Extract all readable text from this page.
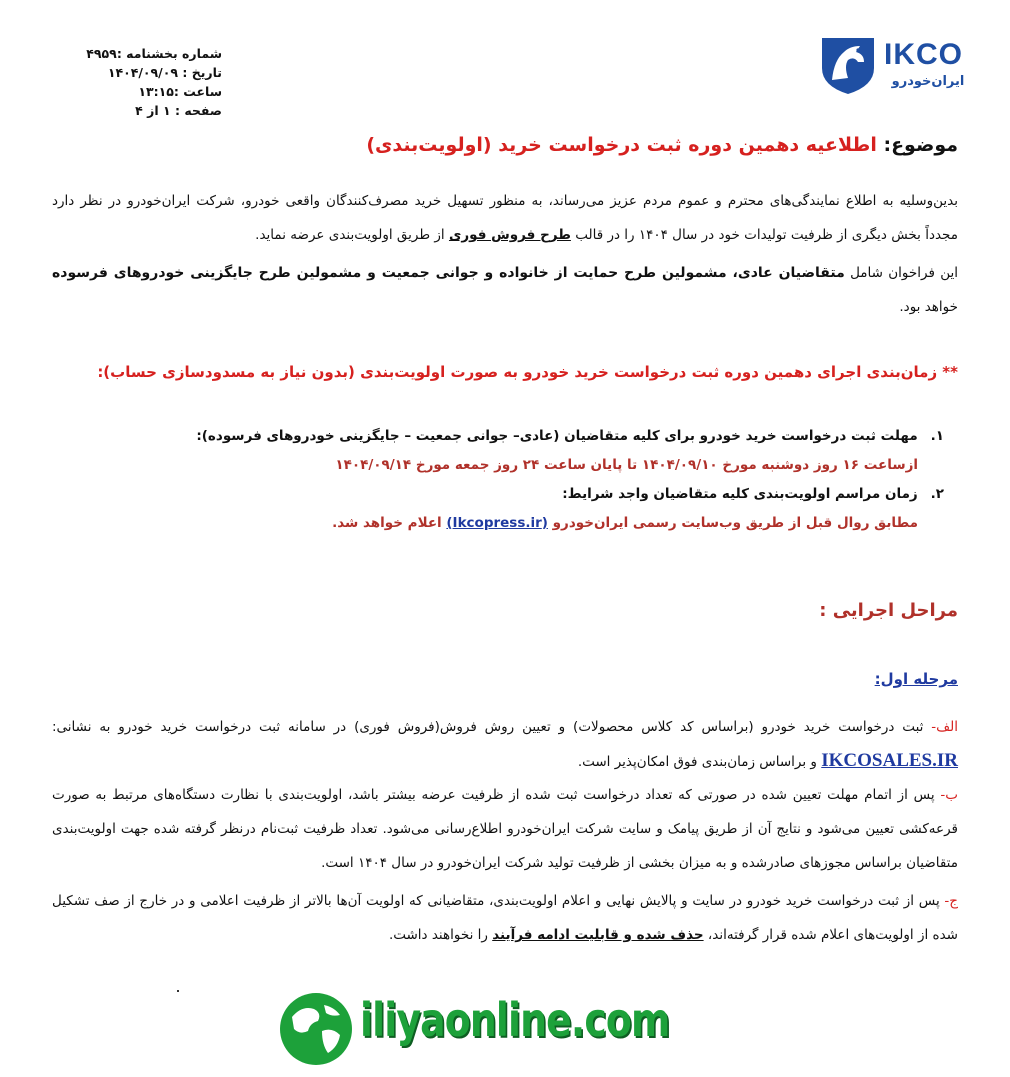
شماره بخشنامه :۴۹۵۹
تاریخ : ۱۴۰۴/۰۹/۰۹
ساعت :۱۳:۱۵
صفحه : ۱ از ۴
IKCO
ایران‌خودرو
موضوع: اطلاعیه دهمین دوره ثبت درخواست خرید (اولویت‌بندی)
بدین‌وسلیه به اطلاع نمایندگی‌های محترم و عموم مردم عزیز می‌رساند، به منظور تسهیل خرید مصرف‌کنندگان واقعی خودرو، شرکت ایران‌خودرو در نظر دارد مجدداً بخش دیگری از ظرفیت تولیدات خود در سال ۱۴۰۴ را در قالب طرح فروش فوری از طریق اولویت‌بندی عرضه نماید.
این فراخوان شامل متقاضیان عادی، مشمولین طرح حمایت از خانواده و جوانی جمعیت و مشمولین طرح جایگزینی خودروهای فرسوده خواهد بود.
** زمان‌بندی اجرای دهمین دوره ثبت درخواست خرید خودرو به صورت اولویت‌بندی (بدون نیاز به مسدودسازی حساب):
۱. مهلت ثبت درخواست خرید خودرو برای کلیه متقاضیان (عادی– جوانی جمعیت – جایگزینی خودروهای فرسوده):
ازساعت ۱۶ روز دوشنبه مورخ ۱۴۰۴/۰۹/۱۰ تا پایان ساعت ۲۴ روز جمعه مورخ ۱۴۰۴/۰۹/۱۴
۲. زمان مراسم اولویت‌بندی کلیه متقاضیان واجد شرایط:
مطابق روال قبل از طریق وب‌سایت رسمی ایران‌خودرو (Ikcopress.ir) اعلام خواهد شد.
مراحل اجرایی :
مرحله اول:
الف- ثبت درخواست خرید خودرو (براساس کد کلاس محصولات) و تعیین روش فروش(فروش فوری) در سامانه ثبت درخواست خرید خودرو به نشانی: IKCOSALES.IR و براساس زمان‌بندی فوق امکان‌پذیر است.
ب- پس از اتمام مهلت تعیین شده در صورتی که تعداد درخواست ثبت شده از ظرفیت عرضه بیشتر باشد، اولویت‌بندی با نظارت دستگاه‌های مرتبط به صورت قرعه‌کشی تعیین می‌شود و نتایج آن از طریق پیامک و سایت شرکت ایران‌خودرو اطلاع‌رسانی می‌شود. تعداد ظرفیت ثبت‌نام درنظر گرفته شده جهت اولویت‌بندی متقاضیان براساس مجوزهای صادرشده و به میزان بخشی از ظرفیت تولید شرکت ایران‌خودرو در سال ۱۴۰۴ است.
ج- پس از ثبت درخواست خرید خودرو در سایت و پالایش نهایی و اعلام اولویت‌بندی، متقاضیانی که اولویت آن‌ها بالاتر از ظرفیت اعلامی و در خارج از صف تشکیل شده از اولویت‌های اعلام شده قرار گرفته‌اند، حذف شده و قابلیت ادامه فرآیند را نخواهند داشت.
iliyaonline.com
